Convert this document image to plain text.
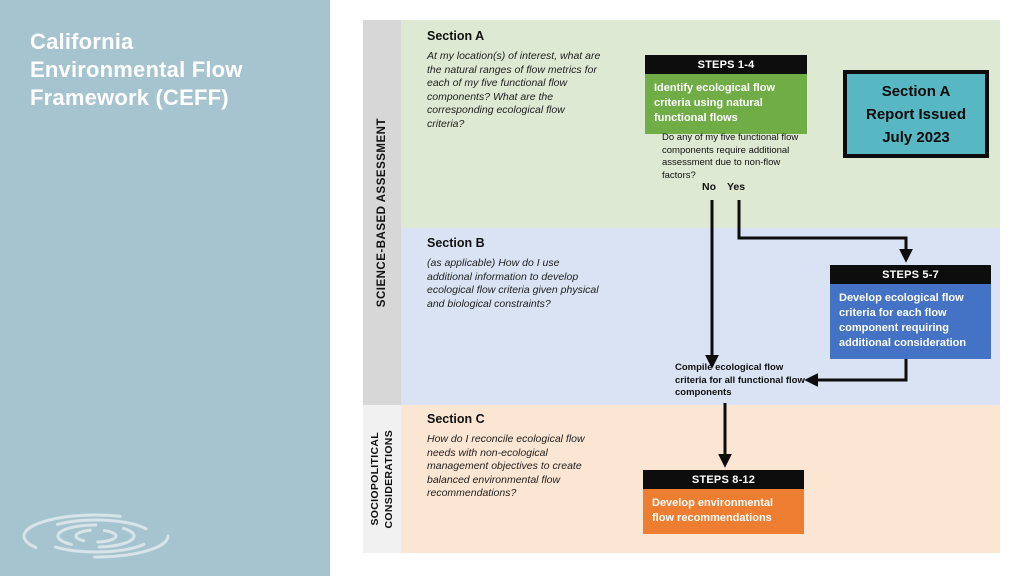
California
Environmental Flow
Framework (CEFF)
SCIENCE-BASED ASSESSMENT
SOCIOPOLITICAL CONSIDERATIONS
Section A
At my location(s) of interest, what are the natural ranges of flow metrics for each of my five functional flow components? What are the corresponding ecological flow criteria?
Section B
(as applicable) How do I use additional information to develop ecological flow criteria given physical and biological constraints?
Section C
How do I reconcile ecological flow needs with non-ecological management objectives to create balanced environmental flow recommendations?
STEPS 1-4
Identify ecological flow criteria using natural functional flows
Section A
Report Issued
July 2023
Do any of my five functional flow components require additional assessment due to non-flow factors?
No Yes
STEPS 5-7
Develop ecological flow criteria for each flow component requiring additional consideration
Compile ecological flow criteria for all functional flow components
STEPS 8-12
Develop environmental flow recommendations
